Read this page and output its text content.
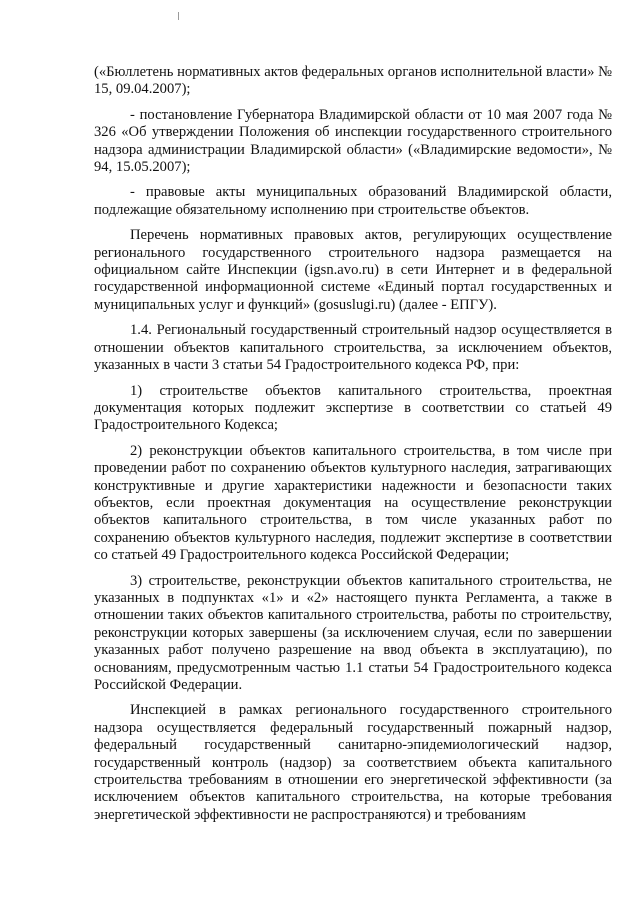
(«Бюллетень нормативных актов федеральных органов исполнительной власти» № 15, 09.04.2007);

- постановление Губернатора Владимирской области от 10 мая 2007 года № 326 «Об утверждении Положения об инспекции государственного строительного надзора администрации Владимирской области» («Владимирские ведомости», № 94, 15.05.2007);

- правовые акты муниципальных образований Владимирской области, подлежащие обязательному исполнению при строительстве объектов.

Перечень нормативных правовых актов, регулирующих осуществление регионального государственного строительного надзора размещается на официальном сайте Инспекции (igsn.avo.ru) в сети Интернет и в федеральной государственной информационной системе «Единый портал государственных и муниципальных услуг и функций» (gosuslugi.ru) (далее - ЕПГУ).

1.4. Региональный государственный строительный надзор осуществляется в отношении объектов капитального строительства, за исключением объектов, указанных в части 3 статьи 54 Градостроительного кодекса РФ, при:

1) строительстве объектов капитального строительства, проектная документация которых подлежит экспертизе в соответствии со статьей 49 Градостроительного Кодекса;

2) реконструкции объектов капитального строительства, в том числе при проведении работ по сохранению объектов культурного наследия, затрагивающих конструктивные и другие характеристики надежности и безопасности таких объектов, если проектная документация на осуществление реконструкции объектов капитального строительства, в том числе указанных работ по сохранению объектов культурного наследия, подлежит экспертизе в соответствии со статьей 49 Градостроительного кодекса Российской Федерации;

3) строительстве, реконструкции объектов капитального строительства, не указанных в подпунктах «1» и «2» настоящего пункта Регламента, а также в отношении таких объектов капитального строительства, работы по строительству, реконструкции которых завершены (за исключением случая, если по завершении указанных работ получено разрешение на ввод объекта в эксплуатацию), по основаниям, предусмотренным частью 1.1 статьи 54 Градостроительного кодекса Российской Федерации.

Инспекцией в рамках регионального государственного строительного надзора осуществляется федеральный государственный пожарный надзор, федеральный государственный санитарно-эпидемиологический надзор, государственный контроль (надзор) за соответствием объекта капитального строительства требованиям в отношении его энергетической эффективности (за исключением объектов капитального строительства, на которые требования энергетической эффективности не распространяются) и требованиям
